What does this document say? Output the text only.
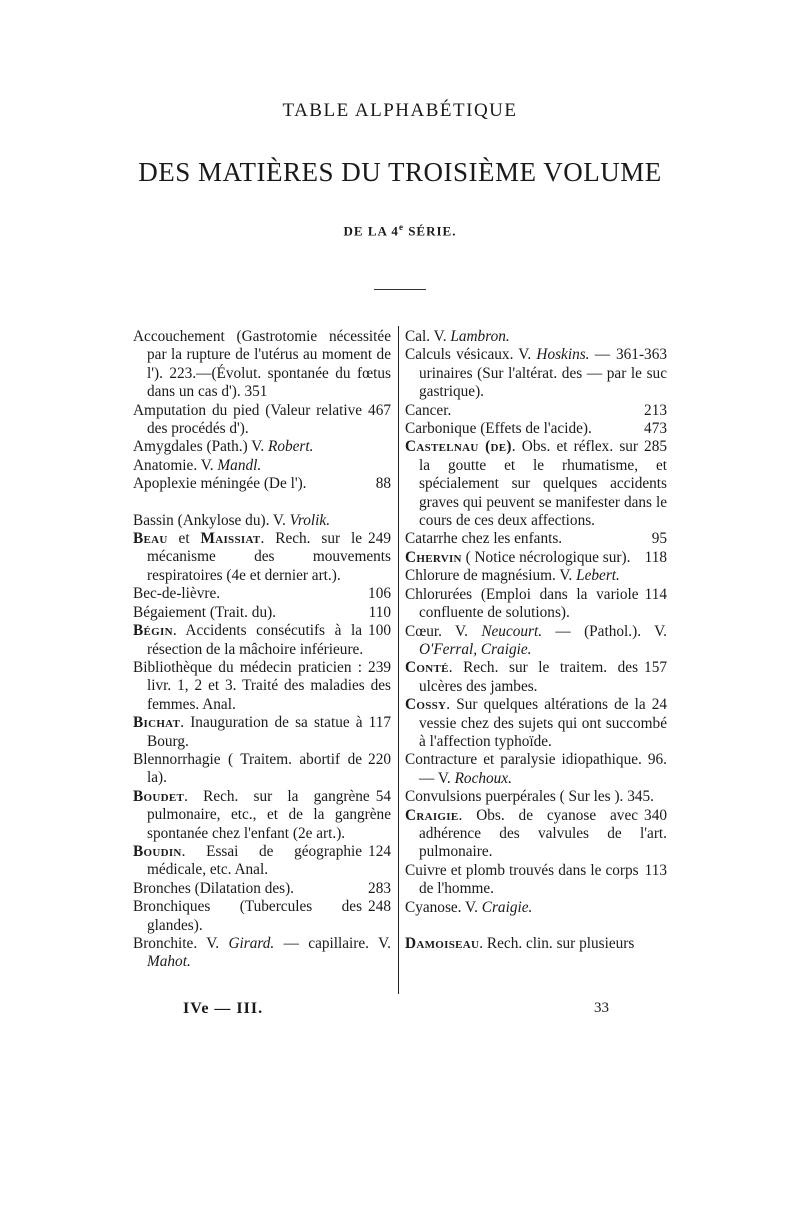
TABLE ALPHABÉTIQUE
DES MATIÈRES DU TROISIÈME VOLUME
DE LA 4e SÉRIE.

Accouchement (Gastrotomie nécessitée par la rupture de l'utérus au moment de l'). 223.—(Évolut. spontanée du fœtus dans un cas d'). 351

467
Amputation du pied (Valeur relative des procédés d').

Amygdales (Path.) V. Robert.

Anatomie. V. Mandl.

88
Apoplexie méningée (De l').

Bassin (Ankylose du). V. Vrolik.

249
Beau et Maissiat. Rech. sur le mécanisme des mouvements respiratoires (4e et dernier art.).

106
Bec-de-lièvre.

110
Bégaiement (Trait. du).

100
Bégin. Accidents consécutifs à la résection de la mâchoire inférieure.

239
Bibliothèque du médecin praticien : livr. 1, 2 et 3. Traité des maladies des femmes. Anal.

117
Bichat. Inauguration de sa statue à Bourg.

220
Blennorrhagie ( Traitem. abortif de la).

54
Boudet. Rech. sur la gangrène pulmonaire, etc., et de la gangrène spontanée chez l'enfant (2e art.).

124
Boudin. Essai de géographie médicale, etc. Anal.

283
Bronches (Dilatation des).

248
Bronchiques (Tubercules des glandes).

Bronchite. V. Girard. — capillaire. V. Mahot.

Cal. V. Lambron.

361-363
Calculs vésicaux. V. Hoskins. — urinaires (Sur l'altérat. des — par le suc gastrique).

213
Cancer.

473
Carbonique (Effets de l'acide).

285
Castelnau (de). Obs. et réflex. sur la goutte et le rhumatisme, et spécialement sur quelques accidents graves qui peuvent se manifester dans le cours de ces deux affections.

95
Catarrhe chez les enfants.

118
Chervin ( Notice nécrologique sur).

Chlorure de magnésium. V. Lebert.

114
Chlorurées (Emploi dans la variole confluente de solutions).

Cœur. V. Neucourt. — (Pathol.). V. O'Ferral, Craigie.

157
Conté. Rech. sur le traitem. des ulcères des jambes.

24
Cossy. Sur quelques altérations de la vessie chez des sujets qui ont succombé à l'affection typhoïde.

Contracture et paralysie idiopathique. 96. — V. Rochoux.

Convulsions puerpérales ( Sur les ). 345.

340
Craigie. Obs. de cyanose avec adhérence des valvules de l'art. pulmonaire.

113
Cuivre et plomb trouvés dans le corps de l'homme.

Cyanose. V. Craigie.

Damoiseau. Rech. clin. sur plusieurs

IVe — III.	33
